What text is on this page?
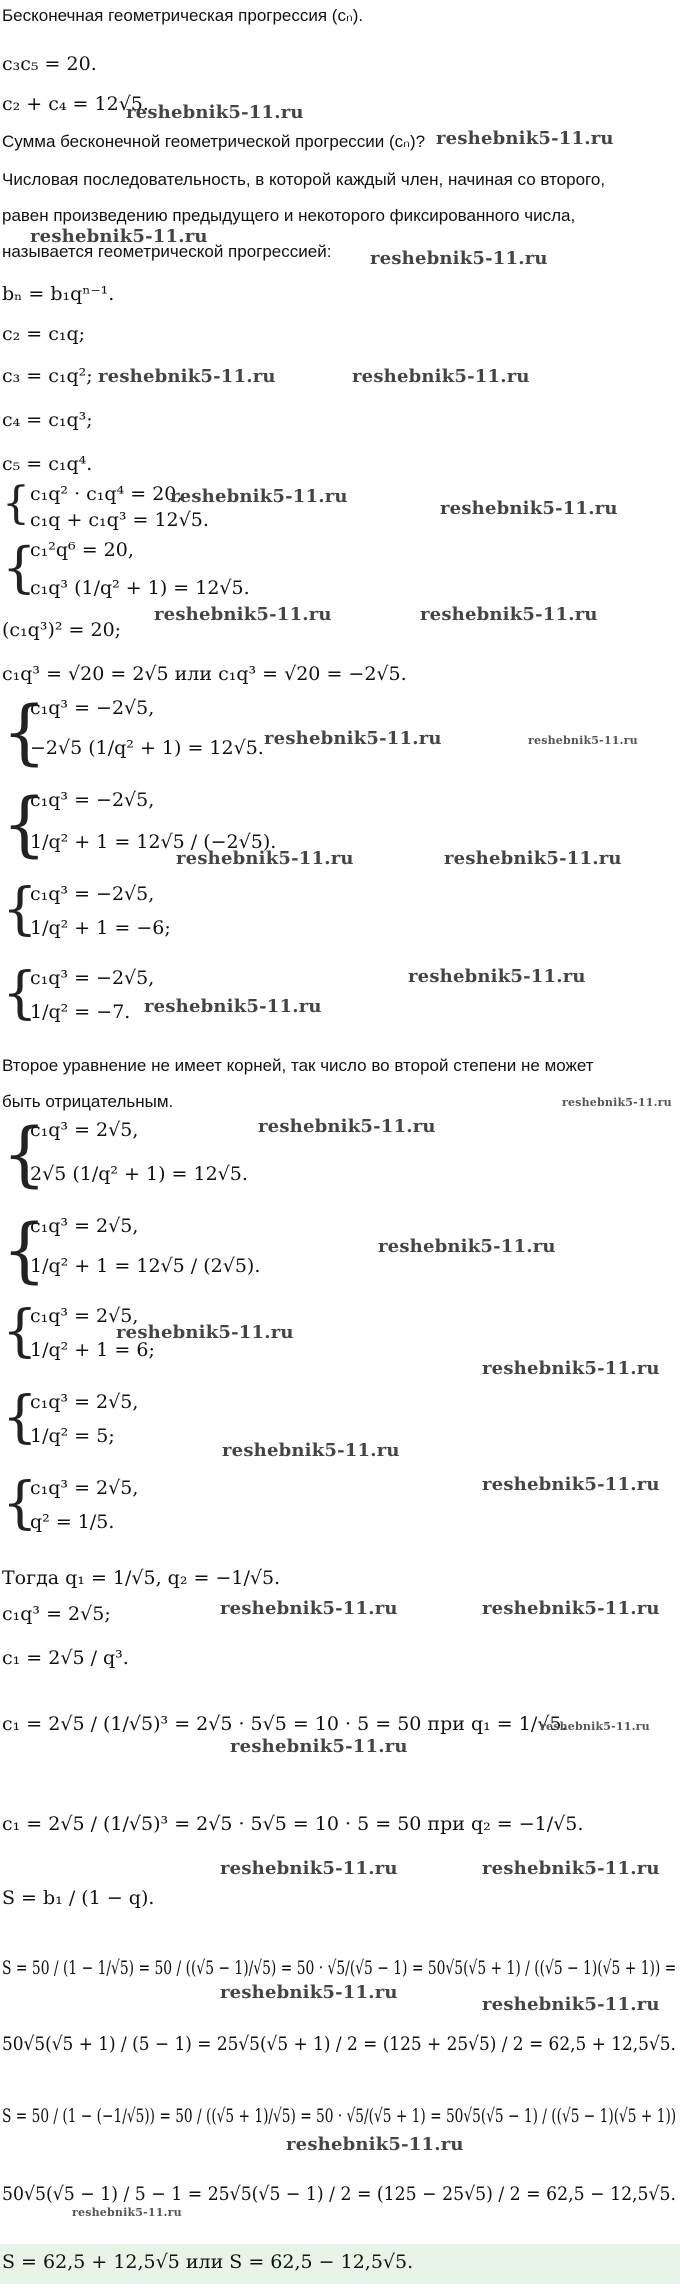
{
{
{
{
{
{
{
{
{
{
{
Бесконечная геометрическая прогрессия (cₙ).
c₃c₅ = 20.
c₂ + c₄ = 12√5.
Сумма бесконечной геометрической прогрессии (cₙ)?
Числовая последовательность, в которой каждый член, начиная со второго,
равен произведению предыдущего и некоторого фиксированного числа,
называется геометрической прогрессией:
bₙ = b₁qⁿ⁻¹.
c₂ = c₁q;
c₃ = c₁q²;
c₄ = c₁q³;
c₅ = c₁q⁴.
c₁q² · c₁q⁴ = 20,
c₁q + c₁q³ = 12√5.
c₁²q⁶ = 20,
c₁q³ (1/q² + 1) = 12√5.
(c₁q³)² = 20;
c₁q³ = √20 = 2√5 или c₁q³ = √20 = −2√5.
c₁q³ = −2√5,
−2√5 (1/q² + 1) = 12√5.
c₁q³ = −2√5,
1/q² + 1 = 12√5 / (−2√5).
c₁q³ = −2√5,
1/q² + 1 = −6;
c₁q³ = −2√5,
1/q² = −7.
Второе уравнение не имеет корней, так число во второй степени не может
быть отрицательным.
c₁q³ = 2√5,
2√5 (1/q² + 1) = 12√5.
c₁q³ = 2√5,
1/q² + 1 = 12√5 / (2√5).
c₁q³ = 2√5,
1/q² + 1 = 6;
c₁q³ = 2√5,
1/q² = 5;
c₁q³ = 2√5,
q² = 1/5.
Тогда q₁ = 1/√5, q₂ = −1/√5.
c₁q³ = 2√5;
c₁ = 2√5 / q³.
c₁ = 2√5 / (1/√5)³ = 2√5 · 5√5 = 10 · 5 = 50 при q₁ = 1/√5.
c₁ = 2√5 / (1/√5)³ = 2√5 · 5√5 = 10 · 5 = 50 при q₂ = −1/√5.
S = b₁ / (1 − q).
S = 50 / (1 − 1/√5) = 50 / ((√5 − 1)/√5) = 50 · √5/(√5 − 1) = 50√5(√5 + 1) / ((√5 − 1)(√5 + 1)) =
50√5(√5 + 1) / (5 − 1) = 25√5(√5 + 1) / 2 = (125 + 25√5) / 2 = 62,5 + 12,5√5.
S = 50 / (1 − (−1/√5)) = 50 / ((√5 + 1)/√5) = 50 · √5/(√5 + 1) = 50√5(√5 − 1) / ((√5 − 1)(√5 + 1))
50√5(√5 − 1) / 5 − 1 = 25√5(√5 − 1) / 2 = (125 − 25√5) / 2 = 62,5 − 12,5√5.
S = 62,5 + 12,5√5 или S = 62,5 − 12,5√5.
reshebnik5-11.ru
reshebnik5-11.ru
reshebnik5-11.ru
reshebnik5-11.ru
reshebnik5-11.ru	reshebnik5-11.ru
reshebnik5-11.ru
reshebnik5-11.ru
reshebnik5-11.ru	reshebnik5-11.ru
reshebnik5-11.ru
reshebnik5-11.ru	reshebnik5-11.ru
reshebnik5-11.ru
reshebnik5-11.ru
reshebnik5-11.ru
reshebnik5-11.ru
reshebnik5-11.ru
reshebnik5-11.ru
reshebnik5-11.ru
reshebnik5-11.ru
reshebnik5-11.ru	reshebnik5-11.ru
reshebnik5-11.ru
reshebnik5-11.ru	reshebnik5-11.ru
reshebnik5-11.ru
reshebnik5-11.ru
reshebnik5-11.ru
reshebnik5-11.ru
reshebnik5-11.ru
reshebnik5-11.ru
reshebnik5-11.ru
